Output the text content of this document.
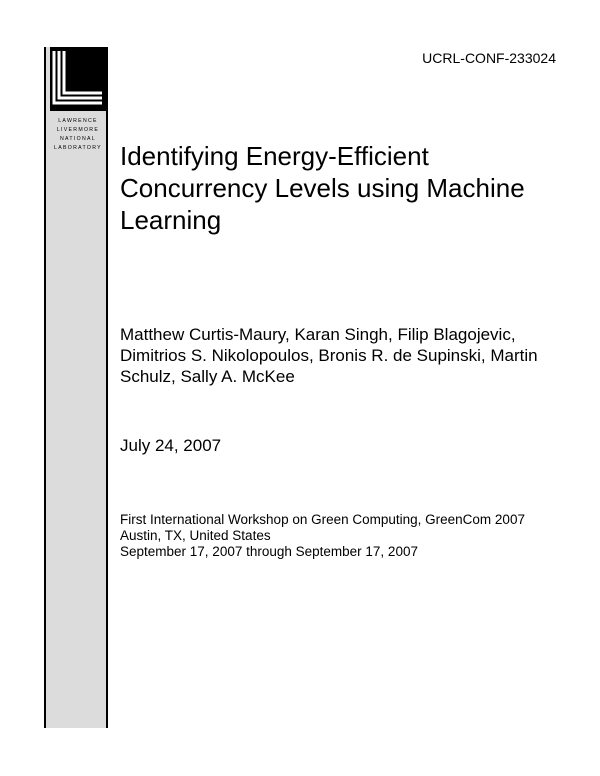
LAWRENCE
LIVERMORE
NATIONAL
LABORATORY
UCRL-CONF-233024
Identifying Energy-Efficient Concurrency Levels using Machine Learning

Matthew Curtis-Maury, Karan Singh, Filip Blagojevic, Dimitrios S. Nikolopoulos, Bronis R. de Supinski, Martin Schulz, Sally A. McKee

July 24, 2007

First International Workshop on Green Computing, GreenCom 2007
Austin, TX, United States
September 17, 2007 through September 17, 2007
